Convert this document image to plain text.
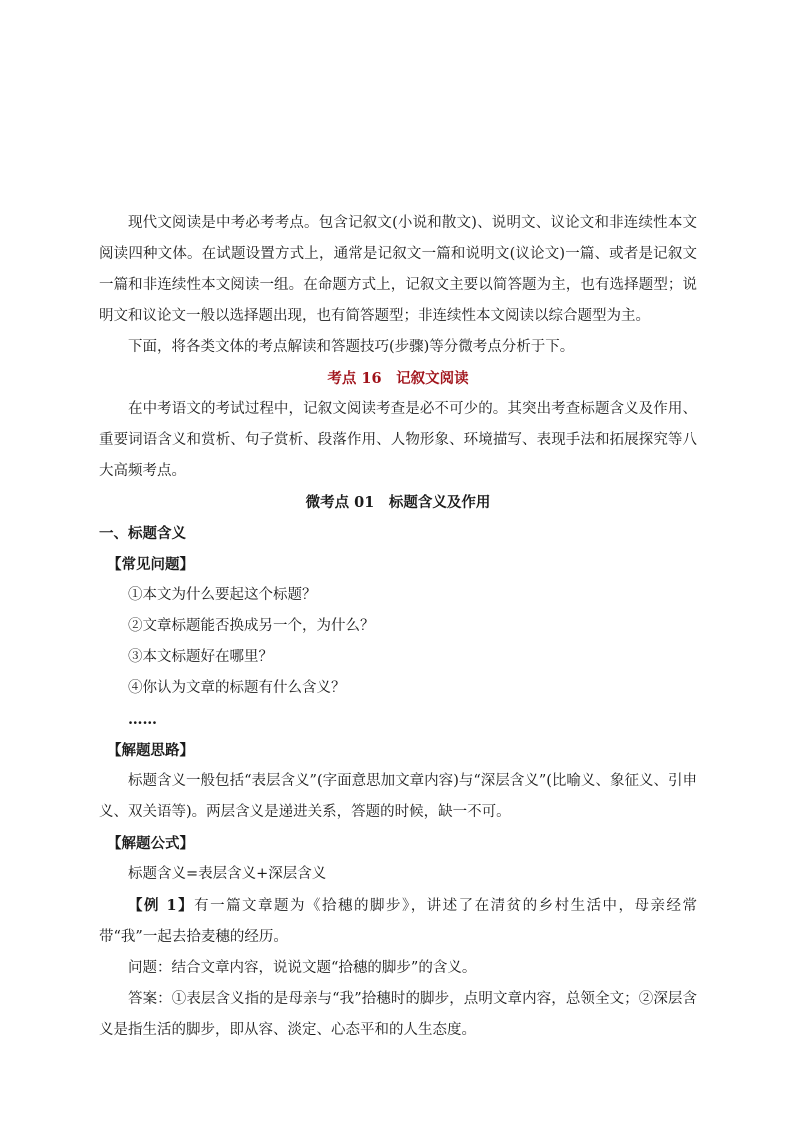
现代文阅读是中考必考考点。包含记叙文(小说和散文)、说明文、议论文和非连续性本文阅读四种文体。在试题设置方式上，通常是记叙文一篇和说明文(议论文)一篇、或者是记叙文一篇和非连续性本文阅读一组。在命题方式上，记叙文主要以简答题为主，也有选择题型；说明文和议论文一般以选择题出现，也有简答题型；非连续性本文阅读以综合题型为主。

下面，将各类文体的考点解读和答题技巧(步骤)等分微考点分析于下。

考点 16　记叙文阅读

在中考语文的考试过程中，记叙文阅读考查是必不可少的。其突出考查标题含义及作用、重要词语含义和赏析、句子赏析、段落作用、人物形象、环境描写、表现手法和拓展探究等八大高频考点。

微考点 01　标题含义及作用

一、标题含义

【常见问题】

①本文为什么要起这个标题？

②文章标题能否换成另一个，为什么？

③本文标题好在哪里？

④你认为文章的标题有什么含义？

……

【解题思路】

标题含义一般包括“表层含义”(字面意思加文章内容)与“深层含义”(比喻义、象征义、引申义、双关语等)。两层含义是递进关系，答题的时候，缺一不可。

【解题公式】

标题含义=表层含义+深层含义

【例 1】有一篇文章题为《拾穗的脚步》，讲述了在清贫的乡村生活中，母亲经常带“我”一起去拾麦穗的经历。

问题：结合文章内容，说说文题“拾穗的脚步”的含义。

答案：①表层含义指的是母亲与“我”拾穗时的脚步，点明文章内容，总领全文；②深层含义是指生活的脚步，即从容、淡定、心态平和的人生态度。
